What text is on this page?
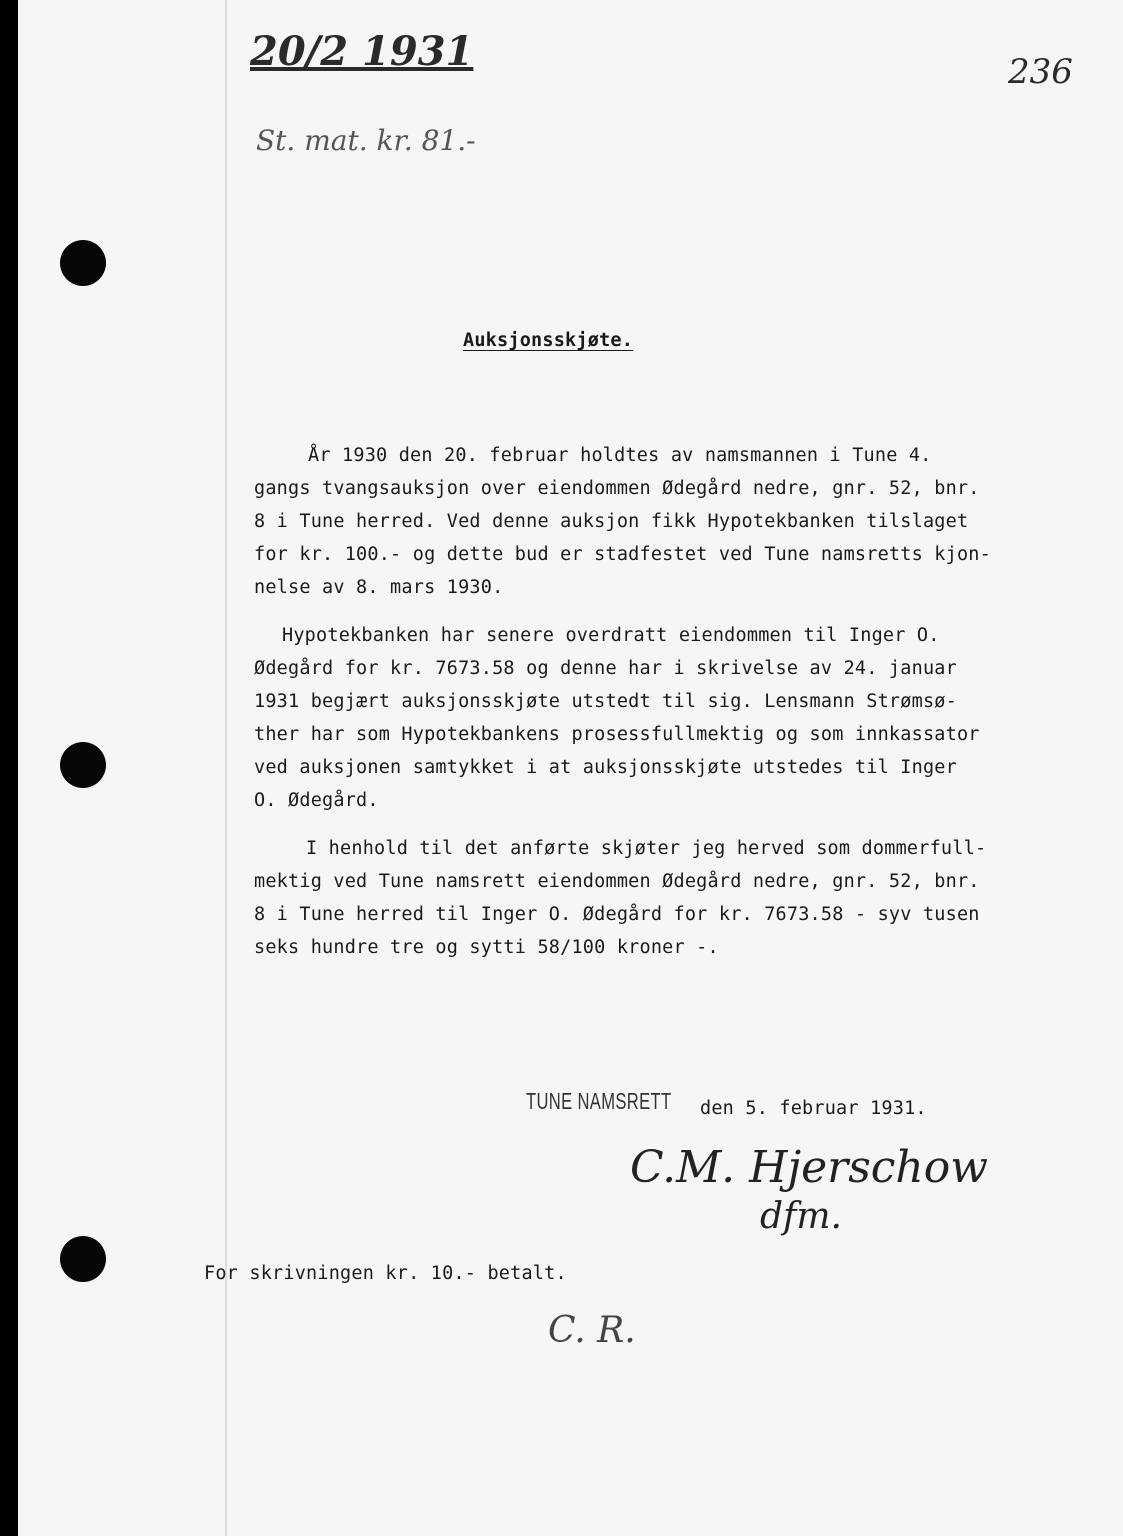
20/2 1931	236
St. mat. kr. 81.-
Auksjonsskjøte.
År 1930 den 20. februar holdtes av namsmannen i Tune 4.
gangs tvangsauksjon over eiendommen Ødegård nedre, gnr. 52, bnr.
8 i Tune herred. Ved denne auksjon fikk Hypotekbanken tilslaget
for kr. 100.- og dette bud er stadfestet ved Tune namsretts kjon-
nelse av 8. mars 1930.
Hypotekbanken har senere overdratt eiendommen til Inger O.
Ødegård for kr. 7673.58 og denne har i skrivelse av 24. januar
1931 begjært auksjonsskjøte utstedt til sig. Lensmann Strømsø-
ther har som Hypotekbankens prosessfullmektig og som innkassator
ved auksjonen samtykket i at auksjonsskjøte utstedes til Inger
O. Ødegård.
I henhold til det anførte skjøter jeg herved som dommerfull-
mektig ved Tune namsrett eiendommen Ødegård nedre, gnr. 52, bnr.
8 i Tune herred til Inger O. Ødegård for kr. 7673.58 - syv tusen
seks hundre tre og sytti 58/100 kroner -.
TUNE NAMSRETT den 5. februar 1931.
C.M. Hjerschow
dfm.
For skrivningen kr. 10.- betalt.
C. R.
